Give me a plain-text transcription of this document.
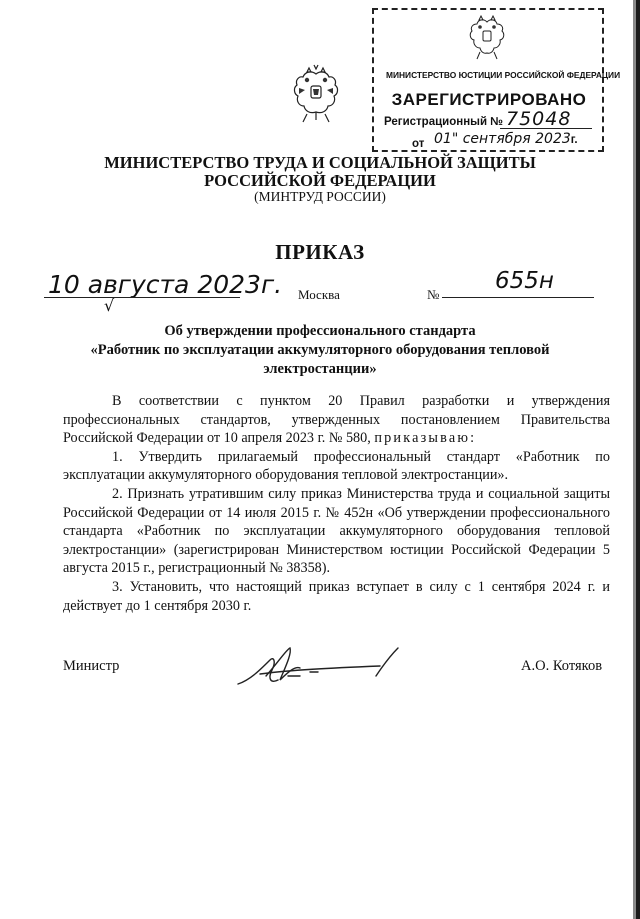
МИНИСТЕРСТВО ЮСТИЦИИ РОССИЙСКОЙ ФЕДЕРАЦИИ
ЗАРЕГИСТРИРОВАНО
Регистрационный № 75048
от 01" сентября 2023г.
МИНИСТЕРСТВО ТРУДА И СОЦИАЛЬНОЙ ЗАЩИТЫ
РОССИЙСКОЙ ФЕДЕРАЦИИ
(МИНТРУД РОССИИ)
ПРИКАЗ
10 августа 2023г.
√
Москва	№
655н
Об утверждении профессионального стандарта
«Работник по эксплуатации аккумуляторного оборудования тепловой
электростанции»

В соответствии с пунктом 20 Правил разработки и утверждения профессиональных стандартов, утвержденных постановлением Правительства Российской Федерации от 10 апреля 2023 г. № 580, приказываю:

1. Утвердить прилагаемый профессиональный стандарт «Работник по эксплуатации аккумуляторного оборудования тепловой электростанции».

2. Признать утратившим силу приказ Министерства труда и социальной защиты Российской Федерации от 14 июля 2015 г. № 452н «Об утверждении профессионального стандарта «Работник по эксплуатации аккумуляторного оборудования тепловой электростанции» (зарегистрирован Министерством юстиции Российской Федерации 5 августа 2015 г., регистрационный № 38358).

3. Установить, что настоящий приказ вступает в силу с 1 сентября 2024 г. и действует до 1 сентября 2030 г.

Министр	А.О. Котяков
